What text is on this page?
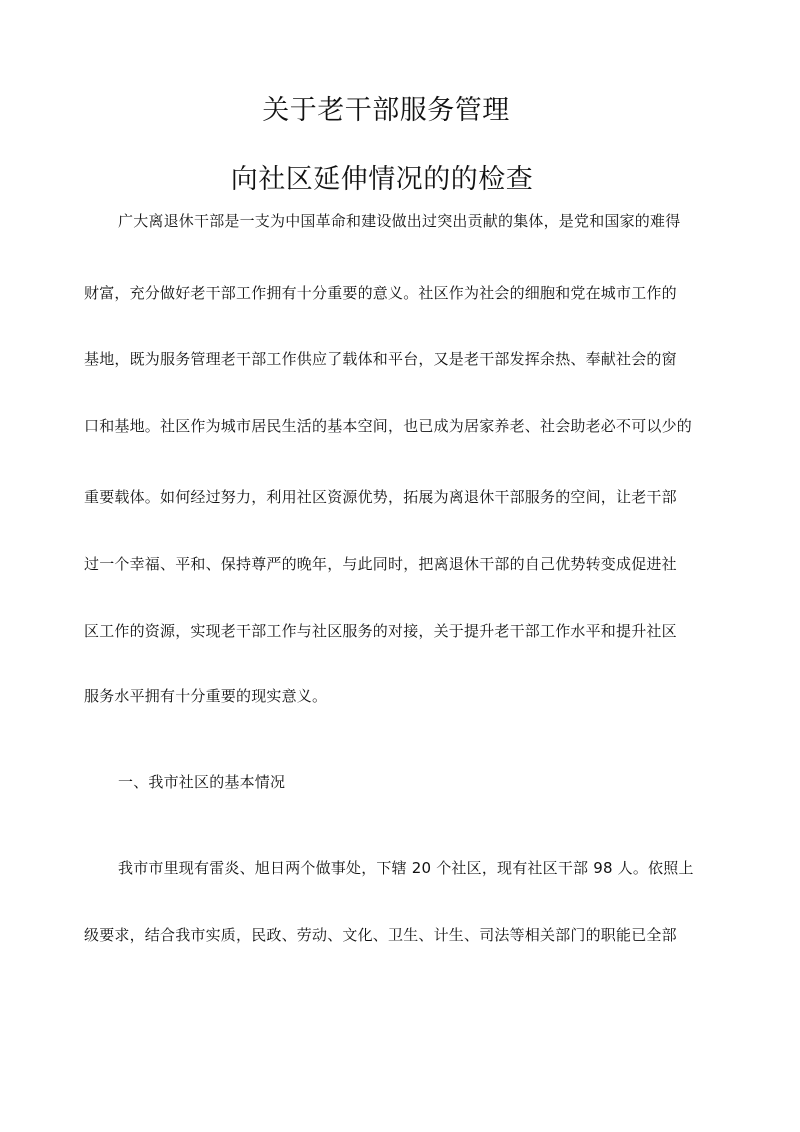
关于老干部服务管理
向社区延伸情况的的检查

广大离退休干部是一支为中国革命和建设做出过突出贡献的集体，是党和国家的难得

财富，充分做好老干部工作拥有十分重要的意义。社区作为社会的细胞和党在城市工作的

基地，既为服务管理老干部工作供应了载体和平台，又是老干部发挥余热、奉献社会的窗

口和基地。社区作为城市居民生活的基本空间，也已成为居家养老、社会助老必不可以少的

重要载体。如何经过努力，利用社区资源优势，拓展为离退休干部服务的空间，让老干部

过一个幸福、平和、保持尊严的晚年，与此同时，把离退休干部的自己优势转变成促进社

区工作的资源，实现老干部工作与社区服务的对接，关于提升老干部工作水平和提升社区

服务水平拥有十分重要的现实意义。

一、我市社区的基本情况

我市市里现有雷炎、旭日两个做事处，下辖 20 个社区，现有社区干部 98 人。依照上

级要求，结合我市实质，民政、劳动、文化、卫生、计生、司法等相关部门的职能已全部
